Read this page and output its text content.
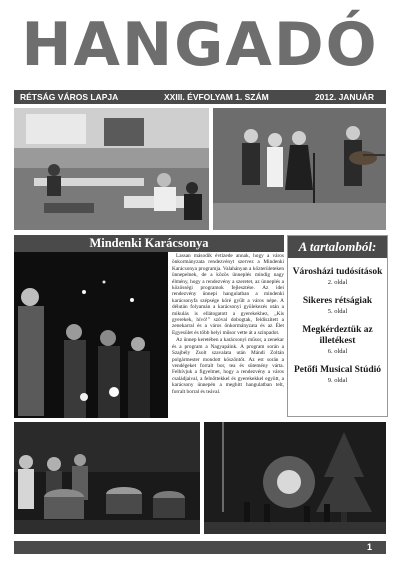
HANGADÓ
RÉTSÁG VÁROS LAPJA	XXIII. ÉVFOLYAM 1. SZÁM	2012. JANUÁR
Mindenki Karácsonya

Lassan második évtizede annak, hogy a város önkormányzata rendezvényt szervez a Mindenki Karácsonya programja. Valahányan a közterületeken ünnepelnek, de a közös ünneplés mindig nagy élmény, hogy a rendezvény a szeretet, az ünneplés a közösségi programok fejlesztése. Az idei rendezvény ünnepi hangulatban a mindenki karácsonyfa szépsége köré gyűlt a város népe. A délután folyamán a karácsonyi gyülekezés után a mikulás is ellátogatott a gyerekekhez, „Kis gyerekek, hívó!” szóval dobogtak, feldíszített a zenekarral és a város önkormányzata és az Élet Egyesület és több helyi műsor vette át a színpadot.

Az ünnep keretében a karácsonyi műsor, a zenekar és a program a Nagyapáink. A program során a Szajbély Zsolt szavalata után Mándi Zoltán polgármester mondott köszöntőt. Az est során a vendégeket forralt bor, tea és sütemény várta. Felhívjuk a figyelmet, hogy a rendezvény a város családjaival, a felnőttekkel és gyerekekkel együtt, a karácsony ünnepén a meghitt hangulatban telt, forralt borral és teával.

A tartalomból:
Városházi tudósítások
2. oldal
Sikeres rétságiak
5. oldal
Megkérdeztük az illetékest
6. oldal
Petőfi Musical Stúdió
9. oldal
1
